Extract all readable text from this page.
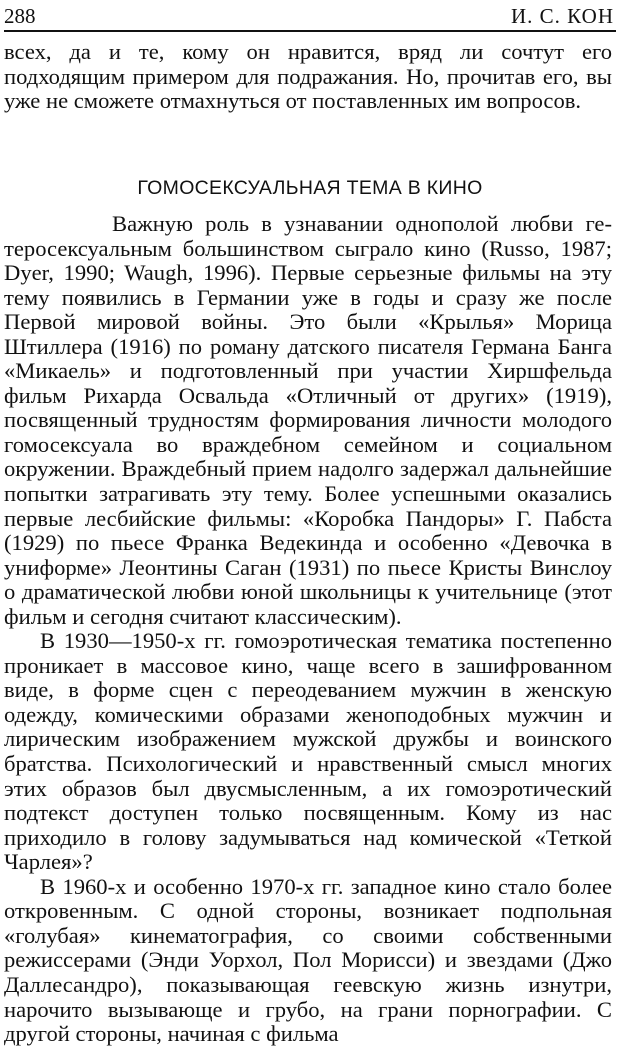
288	И. С. КОН

всех, да и те, кому он нравится, вряд ли сочтут его подходящим примером для подражания. Но, прочитав его, вы уже не сможете отмахнуться от поставленных им вопросов.

ГОМОСЕКСУАЛЬНАЯ ТЕМА В КИНО

Важную роль в узнавании однополой любви гетеросексуальным большинством сыграло кино (Russo, 1987; Dyer, 1990; Waugh, 1996). Первые серьезные фильмы на эту тему появились в Германии уже в годы и сразу же после Первой мировой войны. Это были «Крылья» Морица Штиллера (1916) по роману датского писателя Германа Банга «Микаель» и подготовленный при участии Хиршфельда фильм Рихарда Освальда «Отличный от других» (1919), посвященный трудностям формирования личности молодого гомосексуала во враждебном семейном и социальном окружении. Враждебный прием надолго задержал дальнейшие попытки затрагивать эту тему. Более успешными оказались первые лесбийские фильмы: «Коробка Пандоры» Г. Пабста (1929) по пьесе Франка Ведекинда и особенно «Девочка в униформе» Леонтины Саган (1931) по пьесе Кристы Винслоу о драматической любви юной школьницы к учительнице (этот фильм и сегодня считают классическим).

В 1930—1950-х гг. гомоэротическая тематика постепенно проникает в массовое кино, чаще всего в зашифрованном виде, в форме сцен с переодеванием мужчин в женскую одежду, комическими образами женоподобных мужчин и лирическим изображением мужской дружбы и воинского братства. Психологический и нравственный смысл многих этих образов был двусмысленным, а их гомоэротический подтекст доступен только посвященным. Кому из нас приходило в голову задумываться над комической «Теткой Чарлея»?

В 1960-х и особенно 1970-х гг. западное кино стало более откровенным. С одной стороны, возникает подпольная «голубая» кинематография, со своими собственными режиссерами (Энди Уорхол, Пол Морисси) и звездами (Джо Даллесандро), показывающая геевскую жизнь изнутри, нарочито вызывающе и грубо, на грани порнографии. С другой стороны, начиная с фильма
